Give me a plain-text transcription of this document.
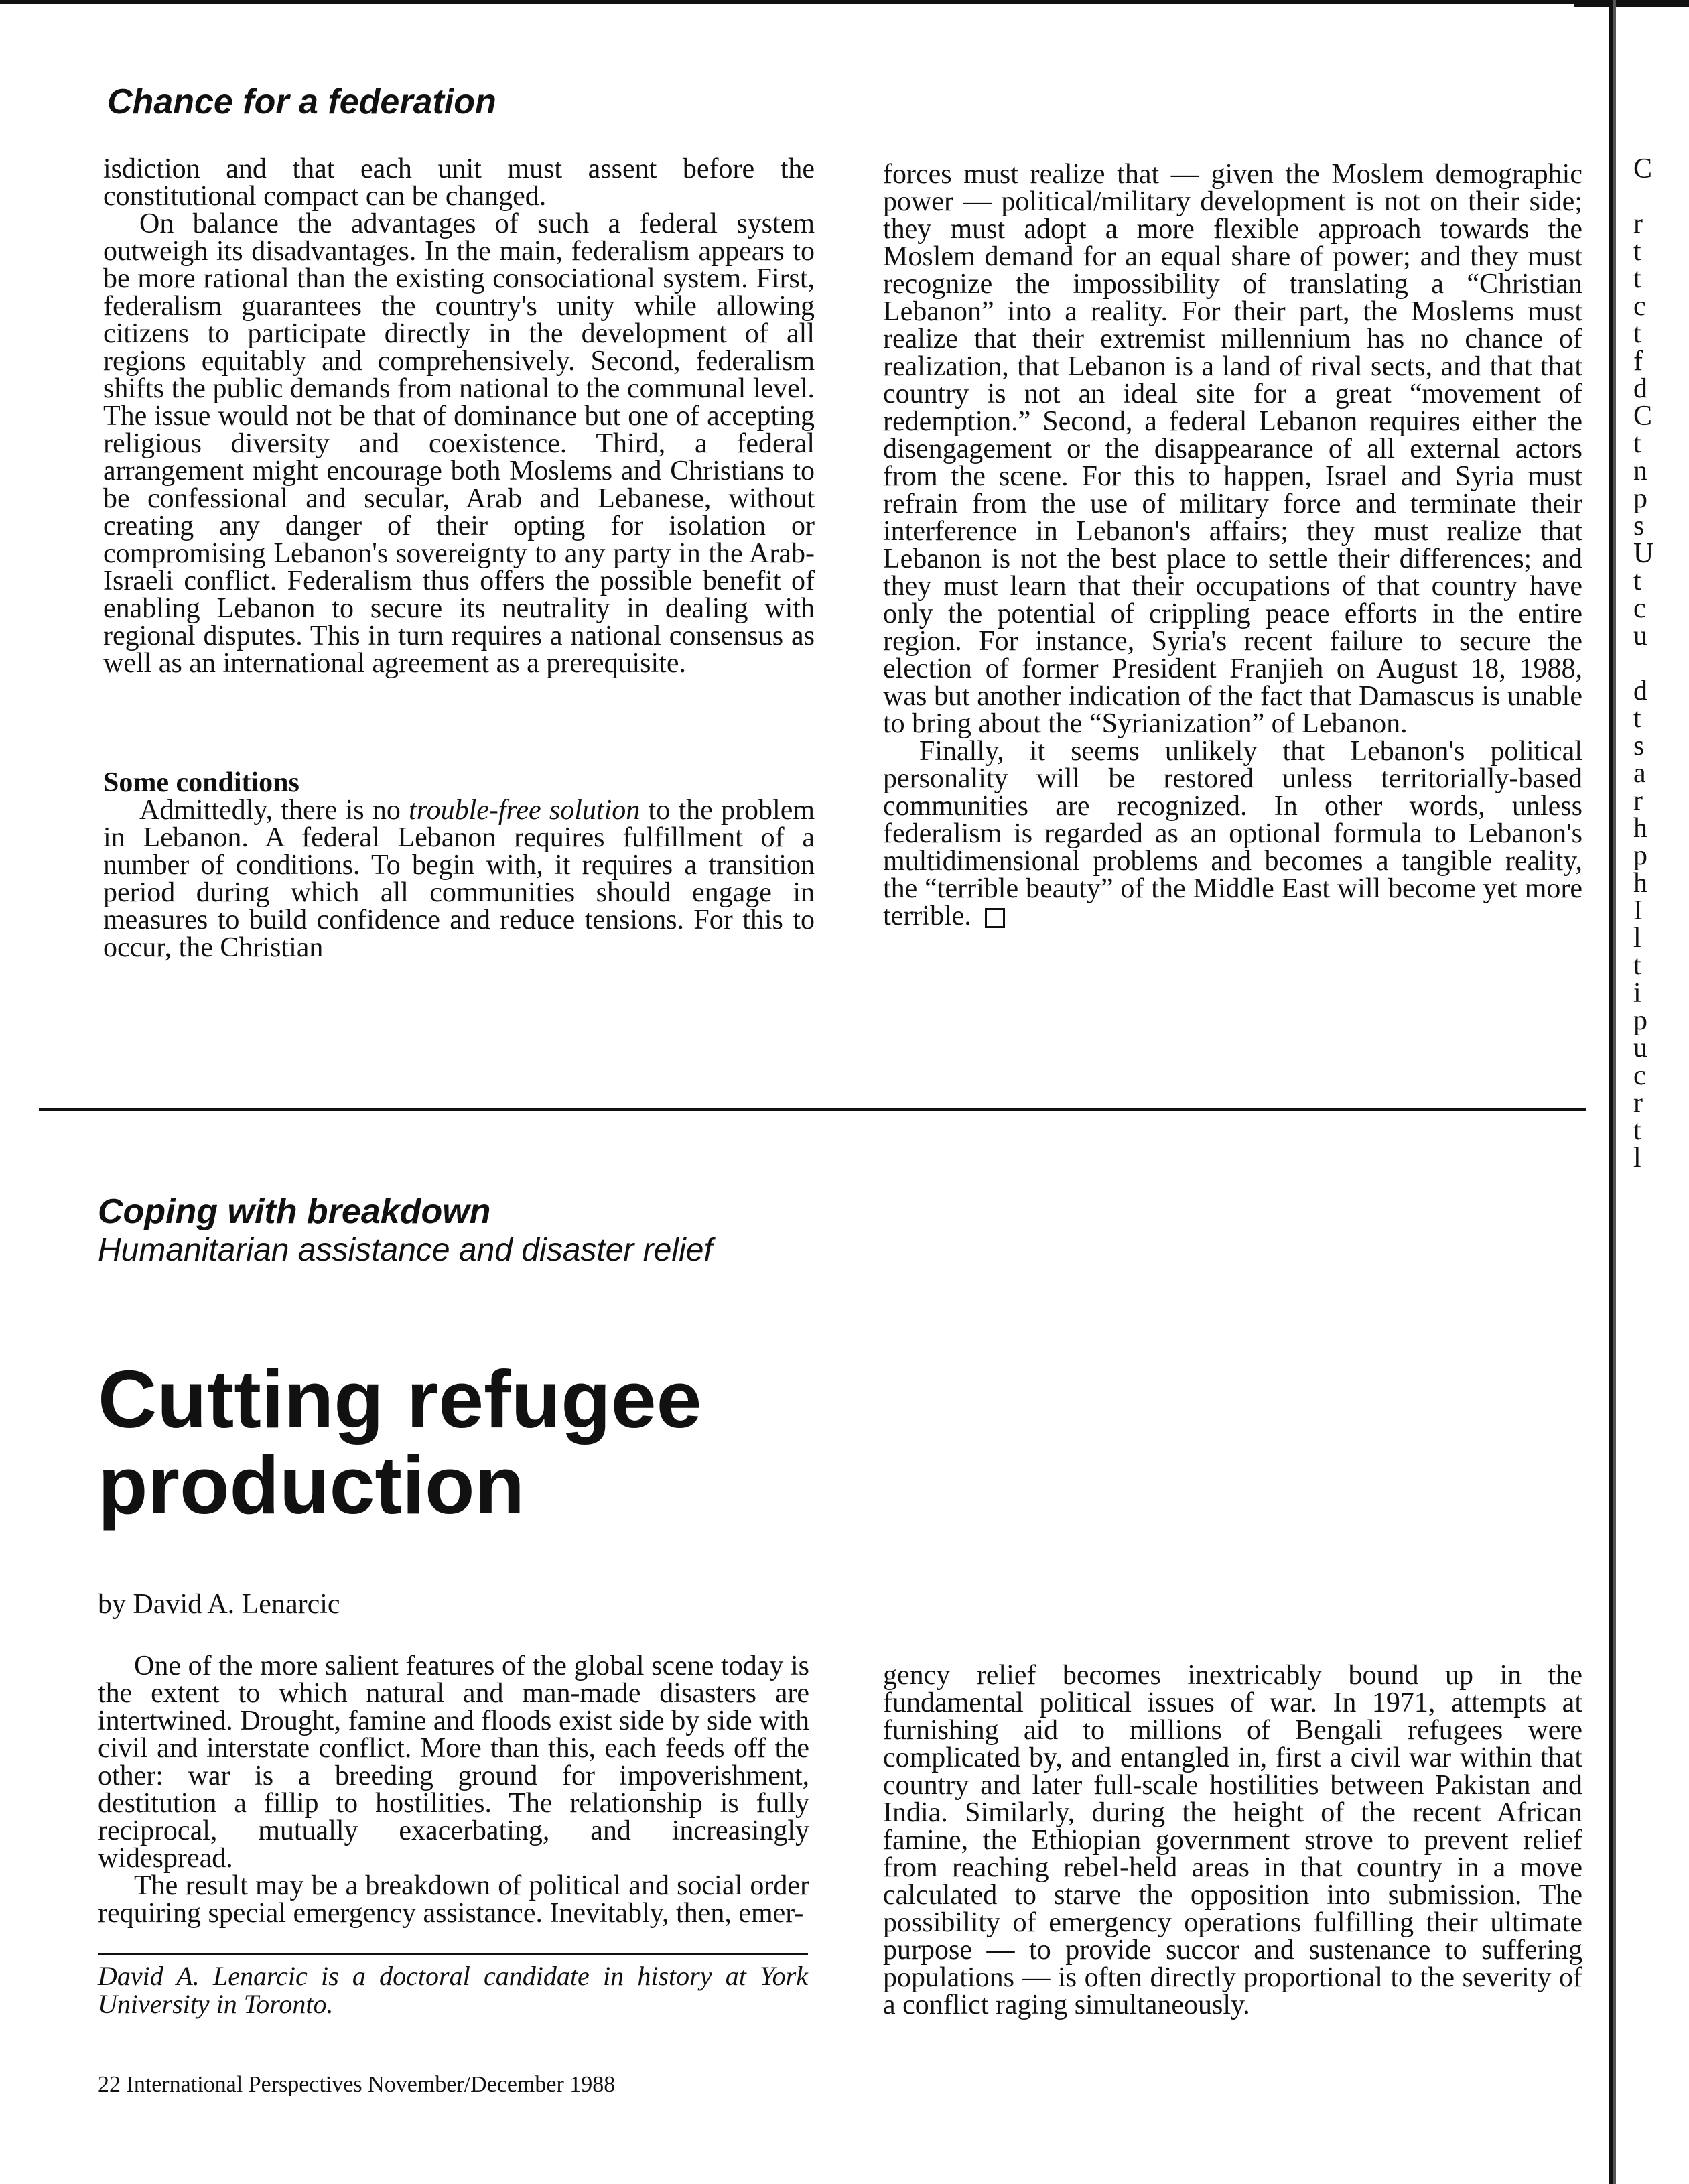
Chance for a federation

isdiction and that each unit must assent before the constitutional compact can be changed.

On balance the advantages of such a federal system outweigh its disadvantages. In the main, federalism appears to be more rational than the existing consociational system. First, federalism guarantees the country's unity while allowing citizens to participate directly in the development of all regions equitably and comprehensively. Second, federalism shifts the public demands from national to the communal level. The issue would not be that of dominance but one of accepting religious diversity and coexistence. Third, a federal arrangement might encourage both Moslems and Christians to be confessional and secular, Arab and Lebanese, without creating any danger of their opting for isolation or compromising Lebanon's sovereignty to any party in the Arab-Israeli conflict. Federalism thus offers the possible benefit of enabling Lebanon to secure its neutrality in dealing with regional disputes. This in turn requires a national consensus as well as an international agreement as a prerequisite.

Some conditions

Admittedly, there is no trouble-free solution to the problem in Lebanon. A federal Lebanon requires fulfillment of a number of conditions. To begin with, it requires a transition period during which all communities should engage in measures to build confidence and reduce tensions. For this to occur, the Christian

forces must realize that — given the Moslem demographic power — political/military development is not on their side; they must adopt a more flexible approach towards the Moslem demand for an equal share of power; and they must recognize the impossibility of translating a “Christian Lebanon” into a reality. For their part, the Moslems must realize that their extremist millennium has no chance of realization, that Lebanon is a land of rival sects, and that that country is not an ideal site for a great “movement of redemption.” Second, a federal Lebanon requires either the disengagement or the disappearance of all external actors from the scene. For this to happen, Israel and Syria must refrain from the use of military force and terminate their interference in Lebanon's affairs; they must realize that Lebanon is not the best place to settle their differences; and they must learn that their occupations of that country have only the potential of crippling peace efforts in the entire region. For instance, Syria's recent failure to secure the election of former President Franjieh on August 18, 1988, was but another indication of the fact that Damascus is unable to bring about the “Syrianization” of Lebanon.

Finally, it seems unlikely that Lebanon's political personality will be restored unless territorially-based communities are recognized. In other words, unless federalism is regarded as an optional formula to Lebanon's multidimensional problems and becomes a tangible reality, the “terrible beauty” of the Middle East will become yet more terrible.

Coping with breakdown
Humanitarian assistance and disaster relief
Cutting refugee
production
by David A. Lenarcic

One of the more salient features of the global scene today is the extent to which natural and man-made disasters are intertwined. Drought, famine and floods exist side by side with civil and interstate conflict. More than this, each feeds off the other: war is a breeding ground for impoverishment, destitution a fillip to hostilities. The relationship is fully reciprocal, mutually exacerbating, and increasingly widespread.

The result may be a breakdown of political and social order requiring special emergency assistance. Inevitably, then, emer-

David A. Lenarcic is a doctoral candidate in history at York University in Toronto.

gency relief becomes inextricably bound up in the fundamental political issues of war. In 1971, attempts at furnishing aid to millions of Bengali refugees were complicated by, and entangled in, first a civil war within that country and later full-scale hostilities between Pakistan and India. Similarly, during the height of the recent African famine, the Ethiopian government strove to prevent relief from reaching rebel-held areas in that country in a move calculated to starve the opposition into submission. The possibility of emergency operations fulfilling their ultimate purpose — to provide succor and sustenance to suffering populations — is often directly proportional to the severity of a conflict raging simultaneously.

22 International Perspectives November/December 1988
C
r
t
t
c
t
f
d
C
t
n
p
s
U
t
c
u
d
t
s
a
r
h
p
h
I
l
t
i
p
u
c
r
t
l
